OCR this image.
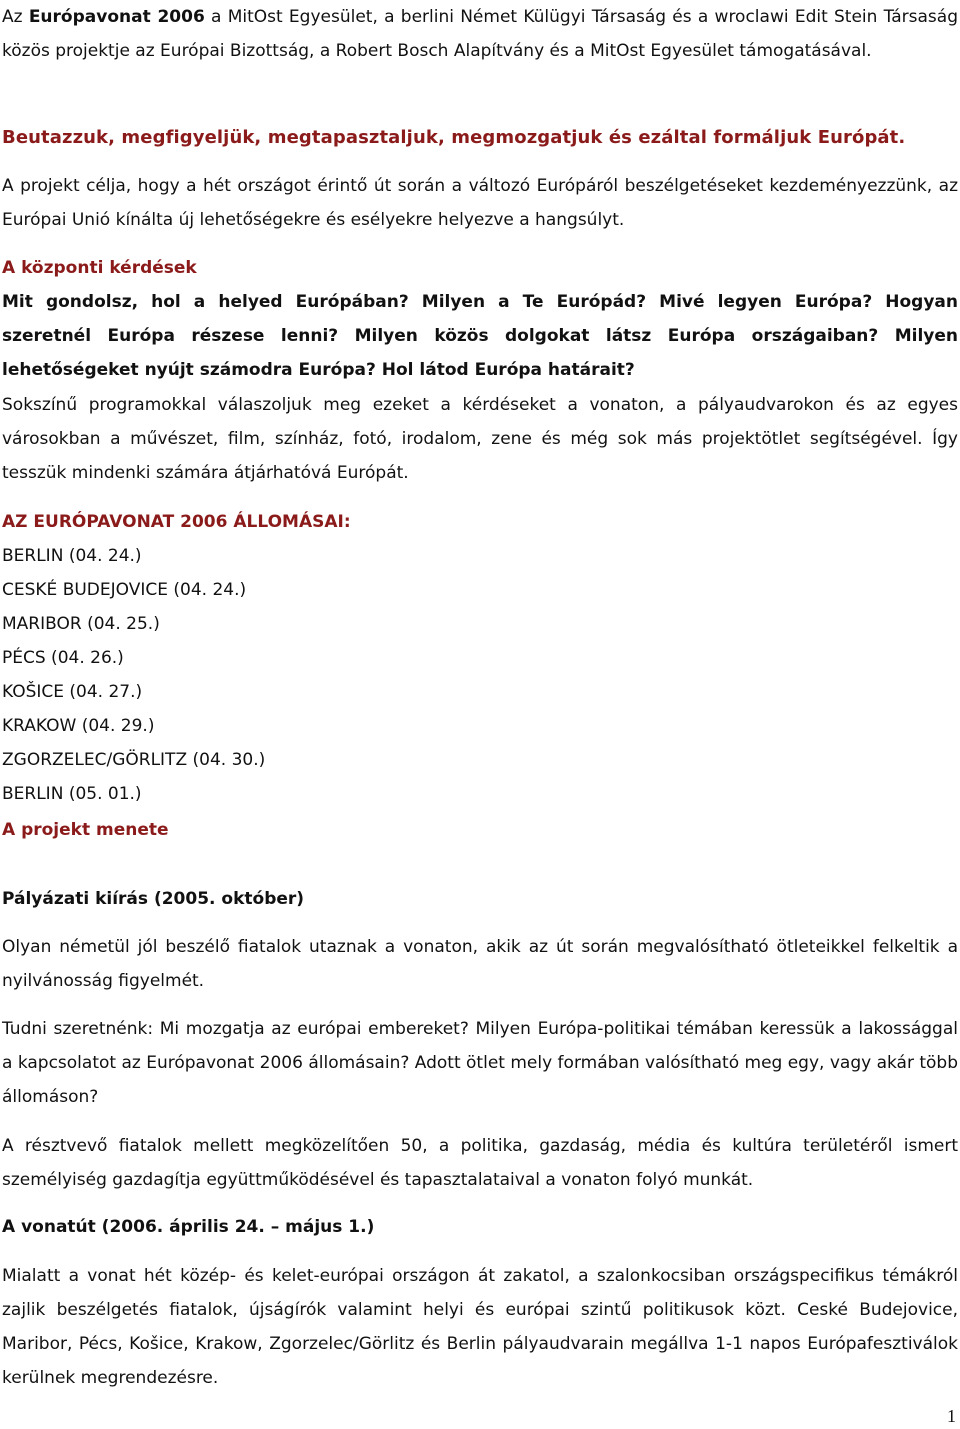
Az Európavonat 2006 a MitOst Egyesület, a berlini Német Külügyi Társaság és a wroclawi Edit Stein Társaság közös projektje az Európai Bizottság, a Robert Bosch Alapítvány és a MitOst Egyesület támogatásával.

Beutazzuk, megfigyeljük, megtapasztaljuk, megmozgatjuk és ezáltal formáljuk Európát.

A projekt célja, hogy a hét országot érintő út során a változó Európáról beszélgetéseket kezdeményezzünk, az Európai Unió kínálta új lehetőségekre és esélyekre helyezve a hangsúlyt.

A központi kérdések

Mit gondolsz, hol a helyed Európában? Milyen a Te Európád? Mivé legyen Európa? Hogyan szeretnél Európa részese lenni? Milyen közös dolgokat látsz Európa országaiban? Milyen lehetőségeket nyújt számodra Európa? Hol látod Európa határait?

Sokszínű programokkal válaszoljuk meg ezeket a kérdéseket a vonaton, a pályaudvarokon és az egyes városokban a művészet, film, színház, fotó, irodalom, zene és még sok más projektötlet segítségével. Így tesszük mindenki számára átjárhatóvá Európát.

AZ EURÓPAVONAT 2006 ÁLLOMÁSAI:

BERLIN (04. 24.)

CESKÉ BUDEJOVICE (04. 24.)

MARIBOR (04. 25.)

PÉCS (04. 26.)

KOŠICE (04. 27.)

KRAKOW (04. 29.)

ZGORZELEC/GÖRLITZ (04. 30.)

BERLIN (05. 01.)

A projekt menete

Pályázati kiírás (2005. október)

Olyan németül jól beszélő fiatalok utaznak a vonaton, akik az út során megvalósítható ötleteikkel felkeltik a nyilvánosság figyelmét.

Tudni szeretnénk: Mi mozgatja az európai embereket? Milyen Európa-politikai témában keressük a lakossággal a kapcsolatot az Európavonat 2006 állomásain? Adott ötlet mely formában valósítható meg egy, vagy akár több állomáson?

A résztvevő fiatalok mellett megközelítően 50, a politika, gazdaság, média és kultúra területéről ismert személyiség gazdagítja együttműködésével és tapasztalataival a vonaton folyó munkát.

A vonatút (2006. április 24. – május 1.)

Mialatt a vonat hét közép- és kelet-európai országon át zakatol, a szalonkocsiban országspecifikus témákról zajlik beszélgetés fiatalok, újságírók valamint helyi és európai szintű politikusok közt. Ceské Budejovice, Maribor, Pécs, Košice, Krakow, Zgorzelec/Görlitz és Berlin pályaudvarain megállva 1-1 napos Európafesztiválok kerülnek megrendezésre.

1
